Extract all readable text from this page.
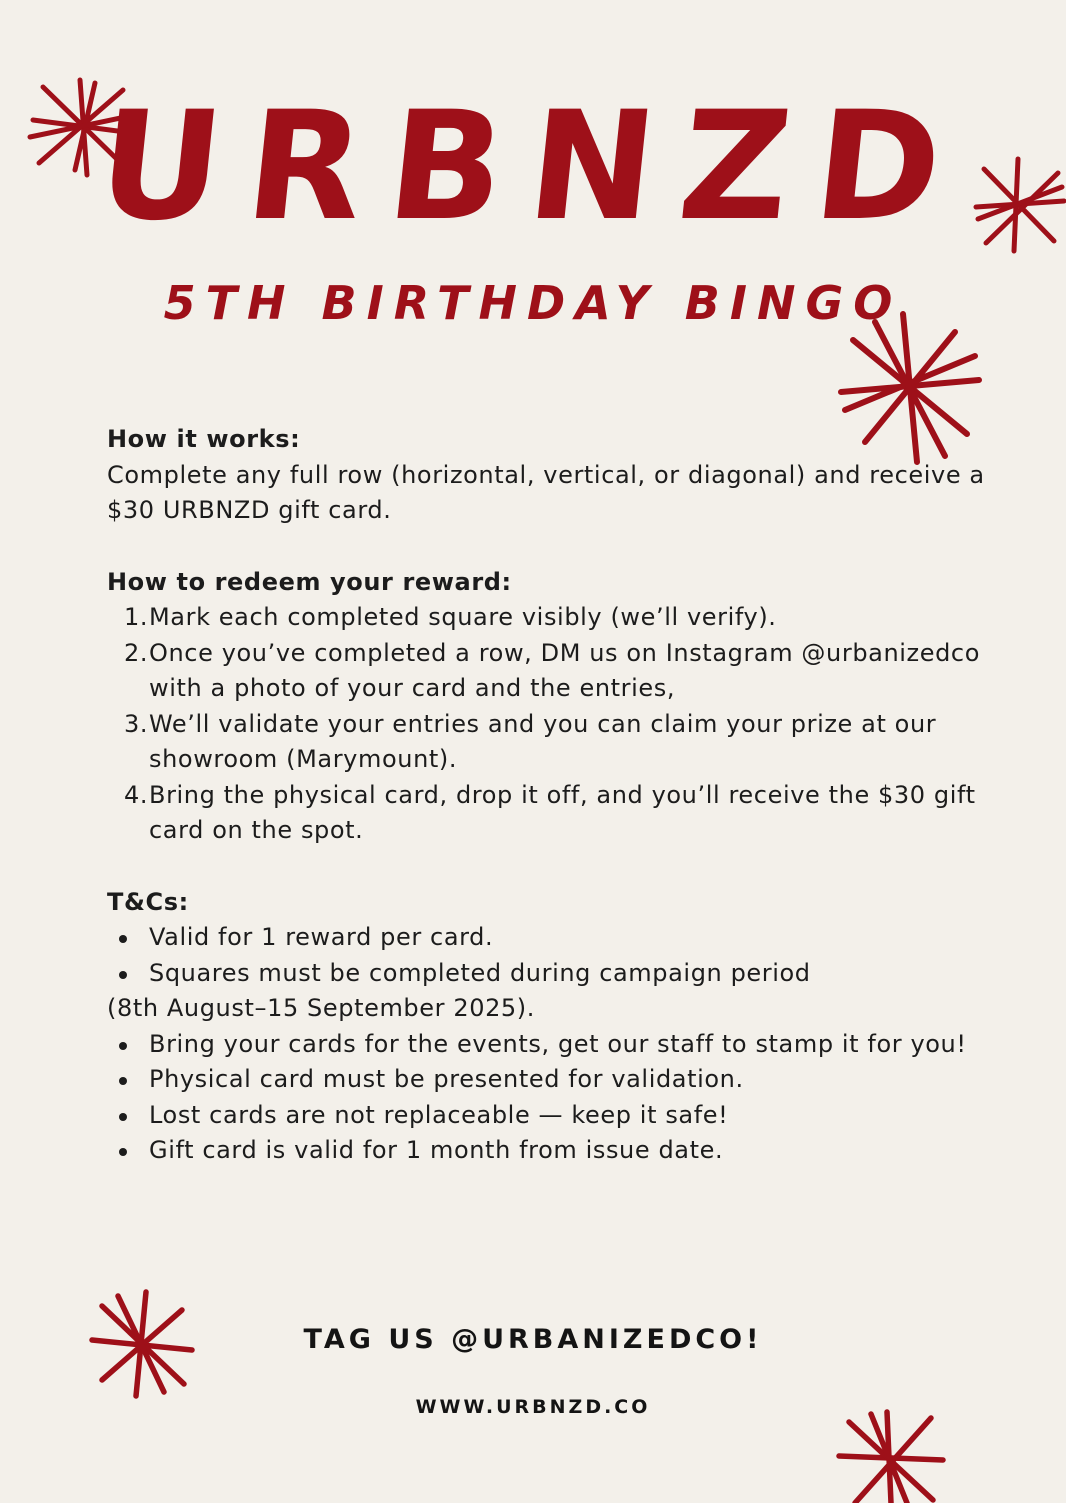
URBNZD
5TH BIRTHDAY BINGO

How it works:

Complete any full row (horizontal, vertical, or diagonal) and receive a $30 URBNZD gift card.

How to redeem your reward:

1. Mark each completed square visibly (we’ll verify).
2. Once you’ve completed a row, DM us on Instagram @urbanizedco with a photo of your card and the entries,
3. We’ll validate your entries and you can claim your prize at our showroom (Marymount).
4. Bring the physical card, drop it off, and you’ll receive the $30 gift card on the spot.

T&Cs:

Valid for 1 reward per card.
Squares must be completed during campaign period
(8th August–15 September 2025).
Bring your cards for the events, get our staff to stamp it for you!
Physical card must be presented for validation.
Lost cards are not replaceable — keep it safe!
Gift card is valid for 1 month from issue date.
TAG US @URBANIZEDCO!
WWW.URBNZD.CO
